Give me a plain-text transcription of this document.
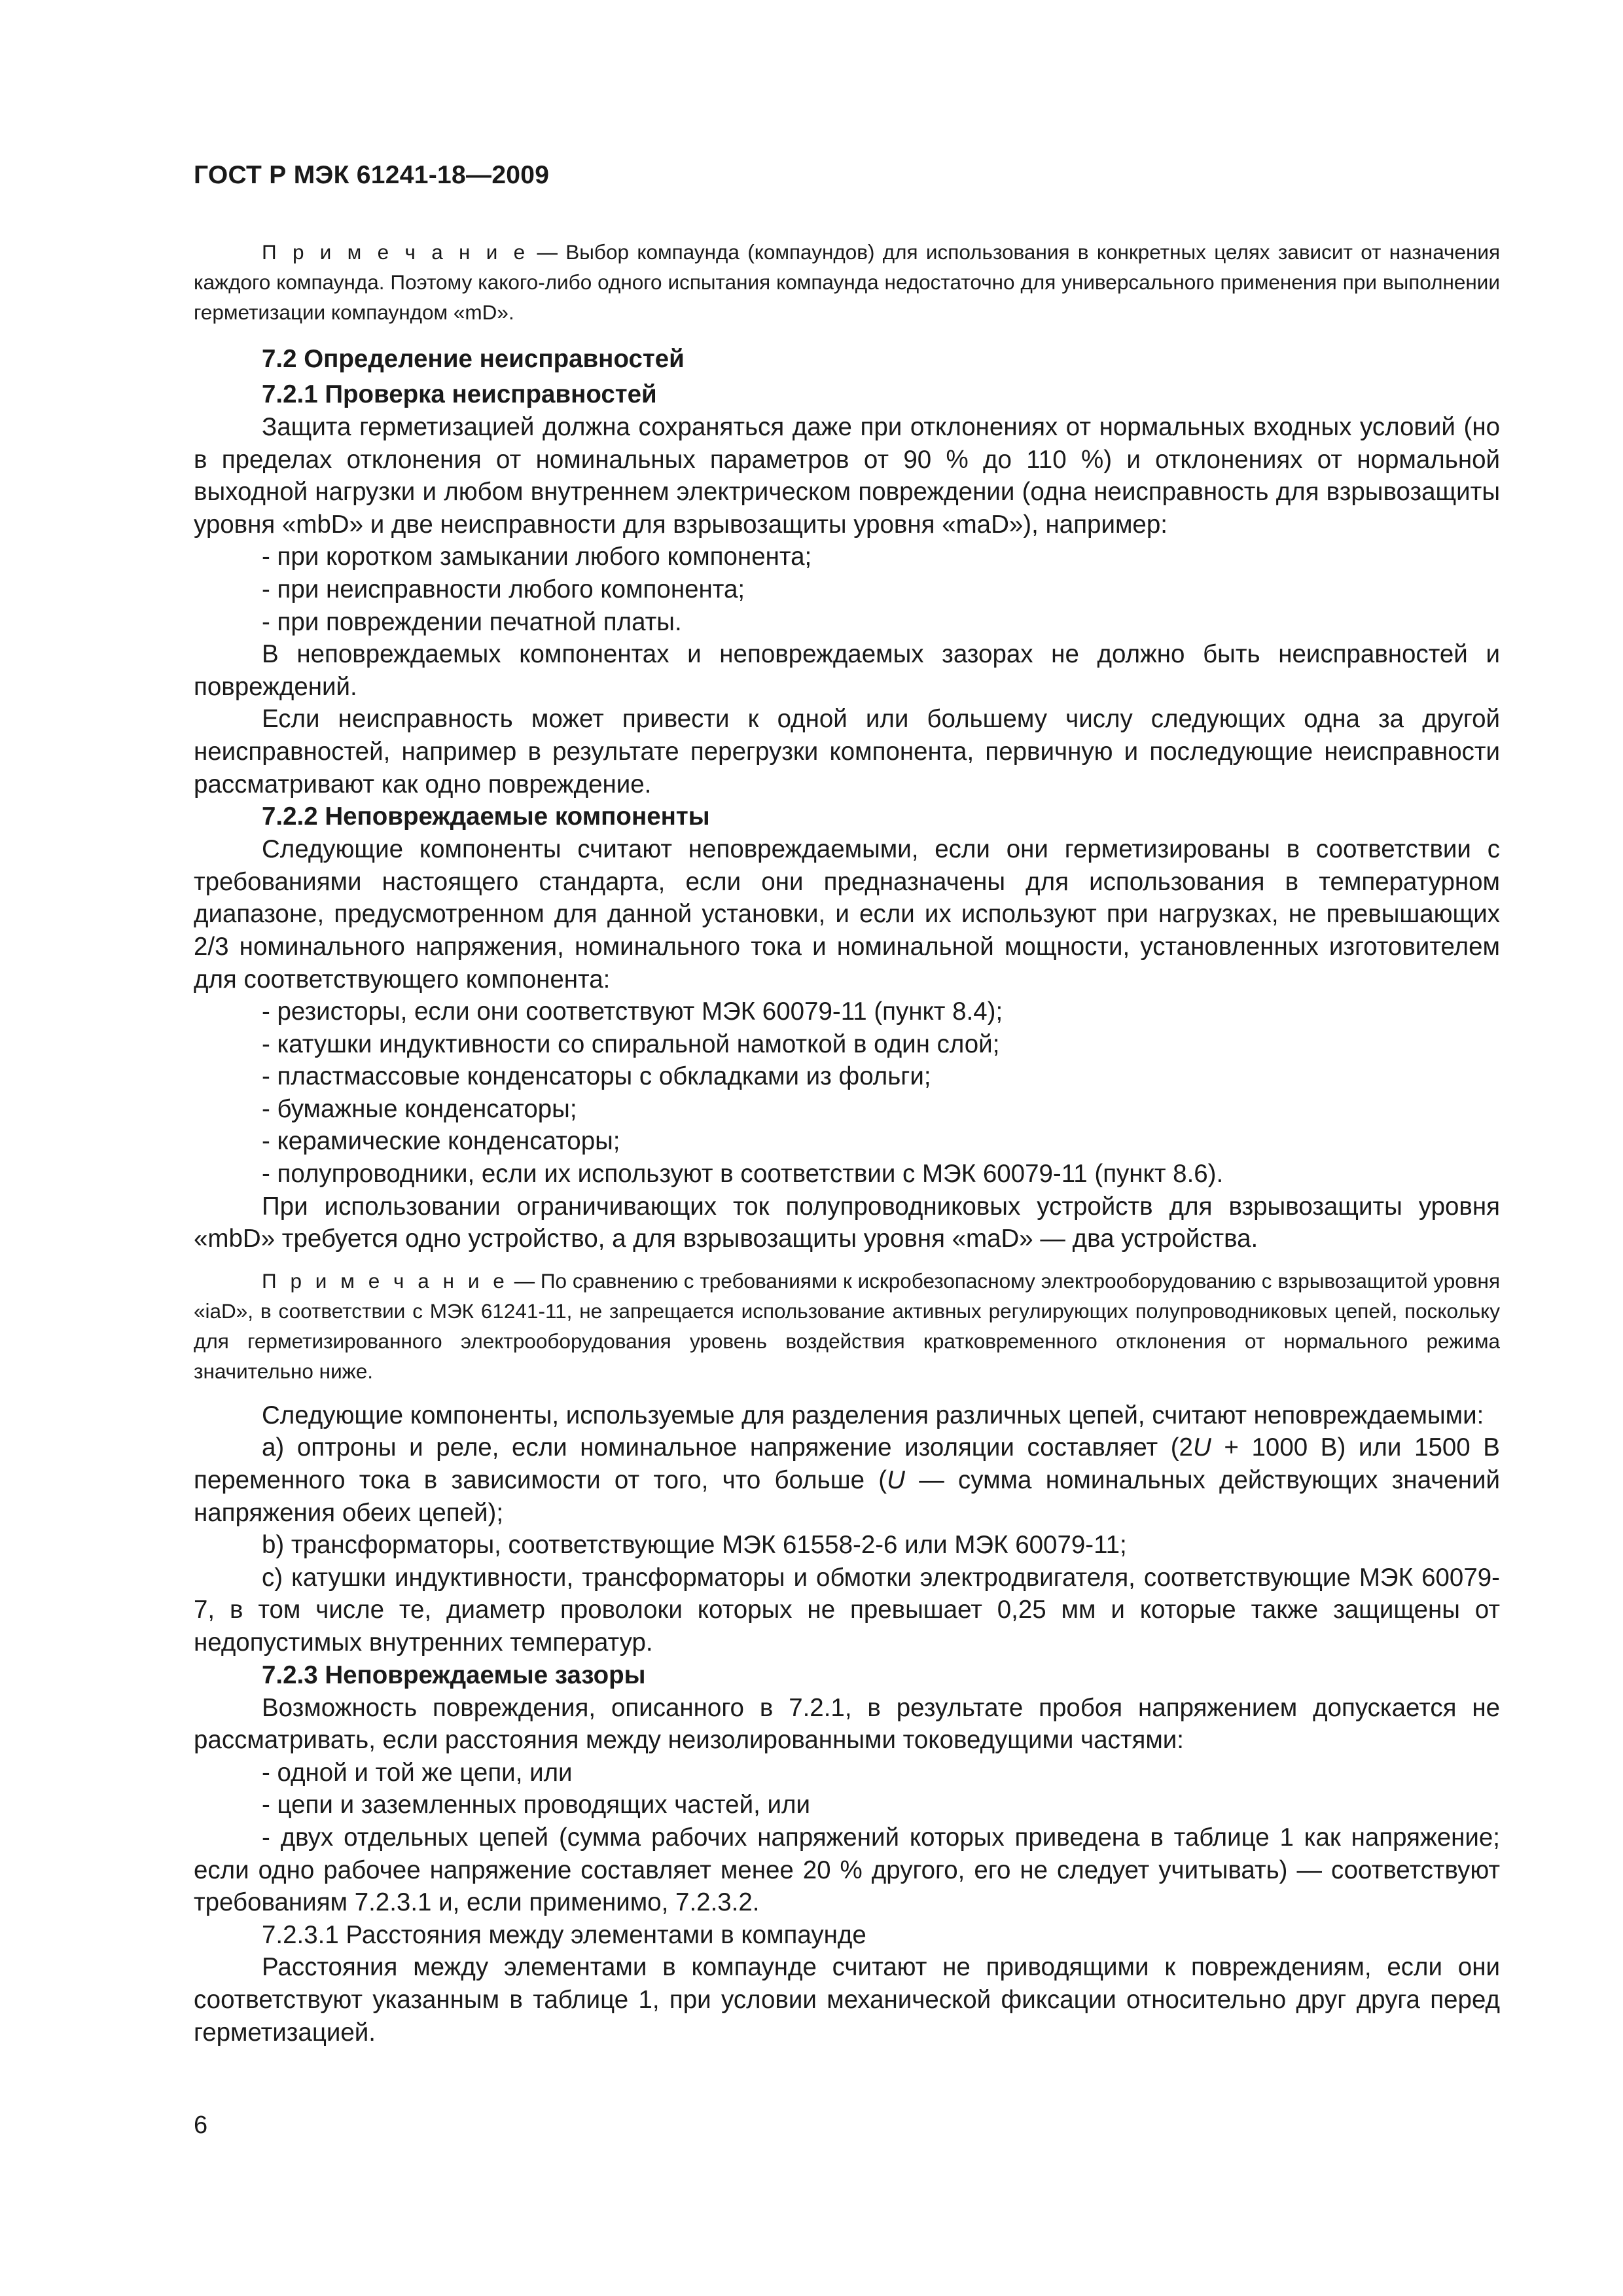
ГОСТ Р МЭК 61241-18—2009

П р и м е ч а н и е — Выбор компаунда (компаундов) для использования в конкретных целях зависит от назначения каждого компаунда. Поэтому какого-либо одного испытания компаунда недостаточно для универсального применения при выполнении герметизации компаундом «mD».

7.2 Определение неисправностей
7.2.1 Проверка неисправностей

Защита герметизацией должна сохраняться даже при отклонениях от нормальных входных условий (но в пределах отклонения от номинальных параметров от 90 % до 110 %) и отклонениях от нормальной выходной нагрузки и любом внутреннем электрическом повреждении (одна неисправность для взрывозащиты уровня «mbD» и две неисправности для взрывозащиты уровня «maD»), например:

- при коротком замыкании любого компонента;

- при неисправности любого компонента;

- при повреждении печатной платы.

В неповреждаемых компонентах и неповреждаемых зазорах не должно быть неисправностей и повреждений.

Если неисправность может привести к одной или большему числу следующих одна за другой неисправностей, например в результате перегрузки компонента, первичную и последующие неисправности рассматривают как одно повреждение.

7.2.2 Неповреждаемые компоненты

Следующие компоненты считают неповреждаемыми, если они герметизированы в соответствии с требованиями настоящего стандарта, если они предназначены для использования в температурном диапазоне, предусмотренном для данной установки, и если их используют при нагрузках, не превышающих 2/3 номинального напряжения, номинального тока и номинальной мощности, установленных изготовителем для соответствующего компонента:

- резисторы, если они соответствуют МЭК 60079-11 (пункт 8.4);

- катушки индуктивности со спиральной намоткой в один слой;

- пластмассовые конденсаторы с обкладками из фольги;

- бумажные конденсаторы;

- керамические конденсаторы;

- полупроводники, если их используют в соответствии с МЭК 60079-11 (пункт 8.6).

При использовании ограничивающих ток полупроводниковых устройств для взрывозащиты уровня «mbD» требуется одно устройство, а для взрывозащиты уровня «maD» — два устройства.

П р и м е ч а н и е — По сравнению с требованиями к искробезопасному электрооборудованию с взрывозащитой уровня «iaD», в соответствии с МЭК 61241-11, не запрещается использование активных регулирующих полупроводниковых цепей, поскольку для герметизированного электрооборудования уровень воздействия кратковременного отклонения от нормального режима значительно ниже.

Следующие компоненты, используемые для разделения различных цепей, считают неповреждаемыми:

a) оптроны и реле, если номинальное напряжение изоляции составляет (2U + 1000 В) или 1500 В переменного тока в зависимости от того, что больше (U — сумма номинальных действующих значений напряжения обеих цепей);

b) трансформаторы, соответствующие МЭК 61558-2-6 или МЭК 60079-11;

c) катушки индуктивности, трансформаторы и обмотки электродвигателя, соответствующие МЭК 60079-7, в том числе те, диаметр проволоки которых не превышает 0,25 мм и которые также защищены от недопустимых внутренних температур.

7.2.3 Неповреждаемые зазоры

Возможность повреждения, описанного в 7.2.1, в результате пробоя напряжением допускается не рассматривать, если расстояния между неизолированными токоведущими частями:

- одной и той же цепи, или

- цепи и заземленных проводящих частей, или

- двух отдельных цепей (сумма рабочих напряжений которых приведена в таблице 1 как напряжение; если одно рабочее напряжение составляет менее 20 % другого, его не следует учитывать) — соответствуют требованиям 7.2.3.1 и, если применимо, 7.2.3.2.

7.2.3.1 Расстояния между элементами в компаунде

Расстояния между элементами в компаунде считают не приводящими к повреждениям, если они соответствуют указанным в таблице 1, при условии механической фиксации относительно друг друга перед герметизацией.

6
